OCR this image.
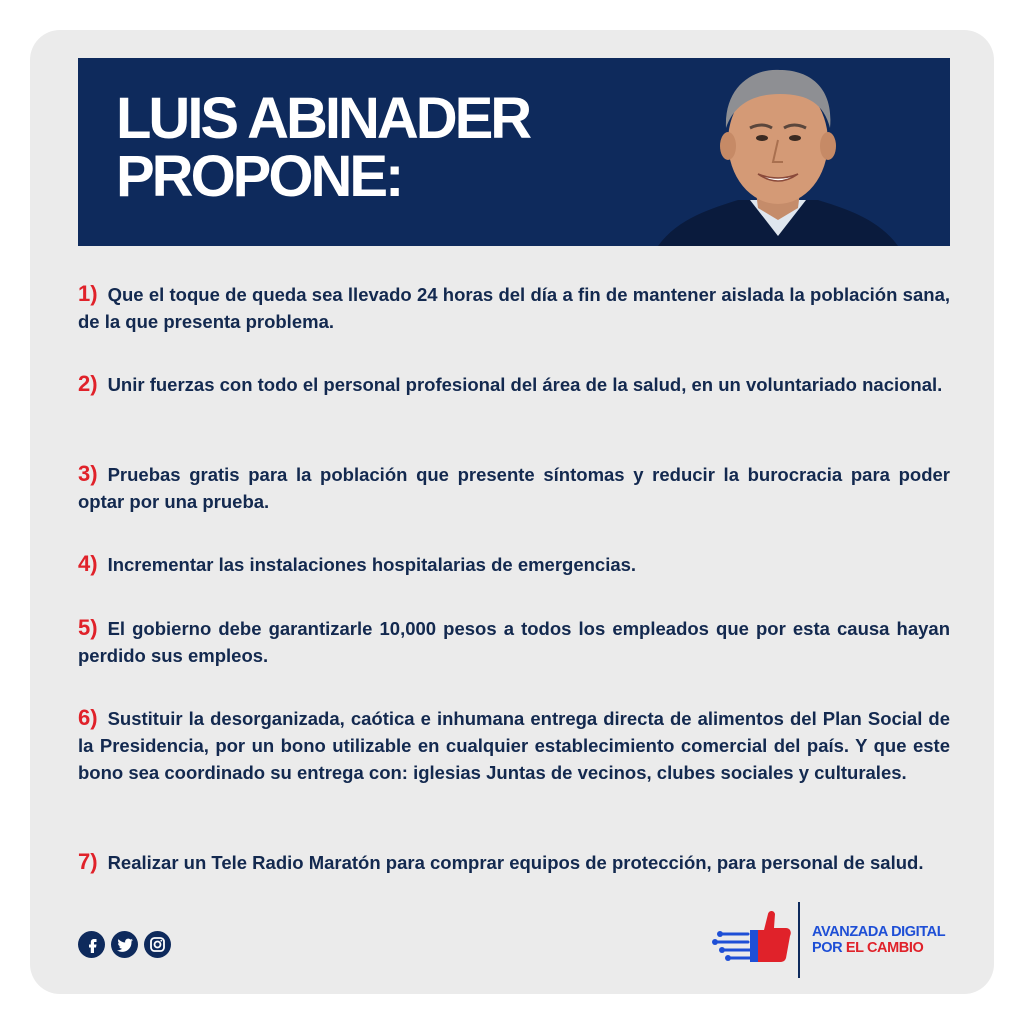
LUIS ABINADER
PROPONE:

1) Que el toque de queda sea llevado 24 horas del día a fin de mantener aislada la población sana, de la que presenta problema.

2) Unir fuerzas con todo el personal profesional del área de la salud, en un voluntariado nacional.

3) Pruebas gratis para la población que presente síntomas y reducir la burocracia para poder optar por una prueba.

4) Incrementar las instalaciones hospitalarias de emergencias.

5) El gobierno debe garantizarle 10,000 pesos a todos los empleados que por esta causa hayan perdido sus empleos.

6) Sustituir la desorganizada, caótica e inhumana entrega directa de alimentos del Plan Social de la Presidencia, por un bono utilizable en cualquier establecimiento comercial del país. Y que este bono sea coordinado su entrega con: iglesias Juntas de vecinos, clubes sociales y culturales.

7) Realizar un Tele Radio Maratón para comprar equipos de protección, para personal de salud.

AVANZADA DIGITAL
POR EL CAMBIO
